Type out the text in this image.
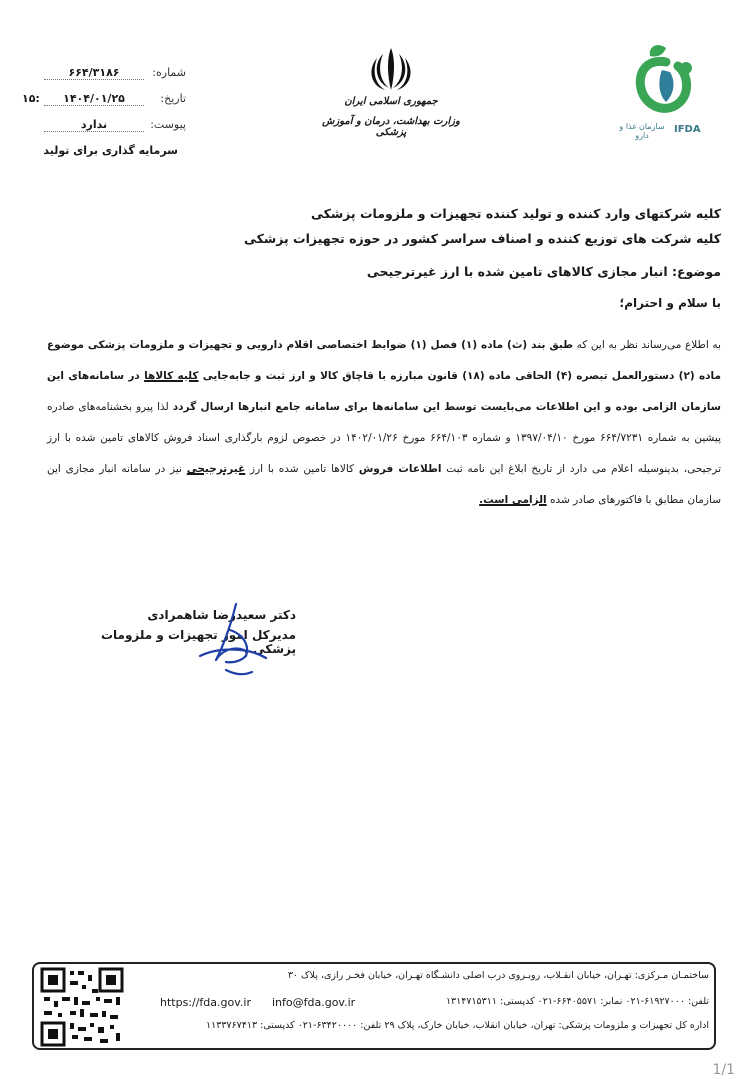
شماره:
۶۶۴/۳۱۸۶
تاریخ:
۱۴۰۴/۰۱/۲۵
۱۵:
پیوست:
ندارد
سرمایه گذاری برای تولید
جمهوری اسلامی ایران
وزارت بهداشت، درمان و آموزش پزشکی
سازمان غذا و دارو
IFDA
کلیه شرکتهای وارد کننده و تولید کننده تجهیزات و ملزومات پزشکی
کلیه شرکت های توزیع کننده و اصناف سراسر کشور در حوزه تجهیزات پزشکی
موضوع: انبار مجازی کالاهای تامین شده با ارز غیرترجیحی
با سلام و احترام؛
به اطلاع می‌رساند نظر به این که طبق بند (ث) ماده (۱) فصل (۱) ضوابط اختصاصی اقلام دارویی و تجهیزات و ملزومات پزشکی موضوع ماده (۲) دستورالعمل تبصره (۴) الحاقی ماده (۱۸) قانون مبارزه با قاچاق کالا و ارز ثبت و جابه‌جایی کلیه کالاها در سامانه‌های این سازمان الزامی بوده و این اطلاعات می‌بایست توسط این سامانه‌ها برای سامانه جامع انبارها ارسال گردد لذا پیرو بخشنامه‌های صادره پیشین به شماره ۶۶۴/۷۲۳۱ مورخ ۱۳۹۷/۰۴/۱۰ و شماره ۶۶۴/۱۰۳ مورخ ۱۴۰۲/۰۱/۲۶ در خصوص لزوم بارگذاری اسناد فروش کالاهای تامین شده با ارز ترجیحی، بدینوسیله اعلام می دارد از تاریخ ابلاغ این نامه ثبت اطلاعات فروش کالاها تامین شده با ارز غیرترجیحی نیز در سامانه انبار مجازی این سازمان مطابق با فاکتورهای صادر شده الزامی است.
دکتر سعیدرضا شاهمرادی
مدیرکل امور تجهیزات و ملزومات پزشکی
ساختمـان مـرکزی: تهـران، خیابان انقـلاب، روبـروی درب اصلی دانشـگاه تهـران، خیابان فخـر رازی، پلاک ۳۰
تلفن: ۶۱۹۲۷۰۰۰-۰۲۱ نمابر: ۶۶۴۰۵۵۷۱-۰۲۱ کدپستی: ۱۳۱۴۷۱۵۳۱۱
https://fda.gov.ir info@fda.gov.ir
اداره کل تجهیزات و ملزومات پزشکی: تهران، خیابان انقلاب، خیابان خارک، پلاک ۲۹ تلفن: ۶۳۴۲۰۰۰۰-۰۲۱ کدپستی: ۱۱۳۳۷۶۷۴۱۳
1/1
